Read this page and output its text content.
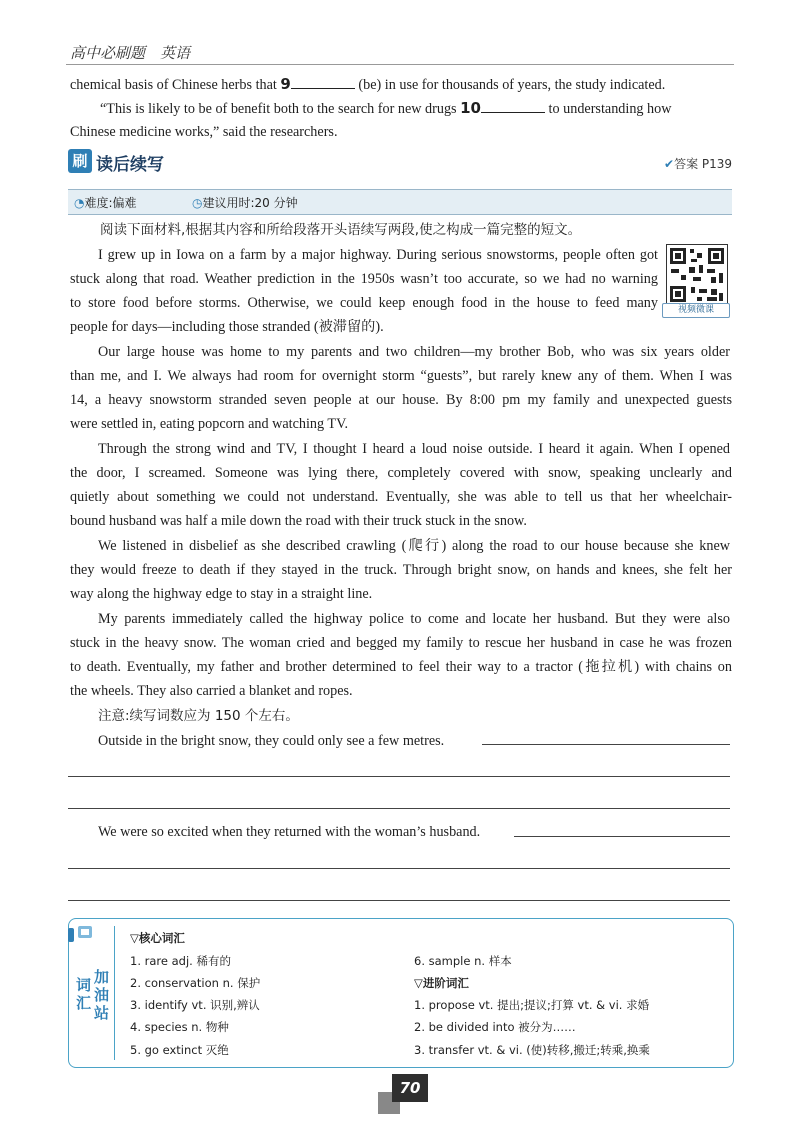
高中必刷题　英语
chemical basis of Chinese herbs that 9	(be) in use for thousands of years, the study indicated.
“This is likely to be of benefit both to the search for new drugs 10	to understanding how
Chinese medicine works,” said the researchers.
刷 读后续写	✔答案 P139
◔难度:偏难	◷建议用时:20 分钟
阅读下面材料,根据其内容和所给段落开头语续写两段,使之构成一篇完整的短文。
视频微课
I grew up in Iowa on a farm by a major highway. During serious snowstorms, people often got
stuck along that road. Weather prediction in the 1950s wasn’t too accurate, so we had no warning
to store food before storms. Otherwise, we could keep enough food in the house to feed many
people for days—including those stranded (被滞留的).
Our large house was home to my parents and two children—my brother Bob, who was six years older
than me, and I. We always had room for overnight storm “guests”, but rarely knew any of them. When I was
14, a heavy snowstorm stranded seven people at our house. By 8:00 pm my family and unexpected guests
were settled in, eating popcorn and watching TV.
Through the strong wind and TV, I thought I heard a loud noise outside. I heard it again. When I opened
the door, I screamed. Someone was lying there, completely covered with snow, speaking unclearly and
quietly about something we could not understand. Eventually, she was able to tell us that her wheelchair-
bound husband was half a mile down the road with their truck stuck in the snow.
We listened in disbelief as she described crawling (爬行) along the road to our house because she knew
they would freeze to death if they stayed in the truck. Through bright snow, on hands and knees, she felt her
way along the highway edge to stay in a straight line.
My parents immediately called the highway police to come and locate her husband. But they were also
stuck in the heavy snow. The woman cried and begged my family to rescue her husband in case he was frozen
to death. Eventually, my father and brother determined to feel their way to a tractor (拖拉机) with chains on
the wheels. They also carried a blanket and ropes.
注意:续写词数应为 150 个左右。
Outside in the bright snow, they could only see a few metres.
We were so excited when they returned with the woman’s husband.
词汇
加油站
▽核心词汇
1. rare adj. 稀有的
2. conservation n. 保护
3. identify vt. 识别,辨认
4. species n. 物种
5. go extinct 灭绝
6. sample n. 样本
▽进阶词汇
1. propose vt. 提出;提议;打算 vt. & vi. 求婚
2. be divided into 被分为……
3. transfer vt. & vi. (使)转移,搬迁;转乘,换乘
70
